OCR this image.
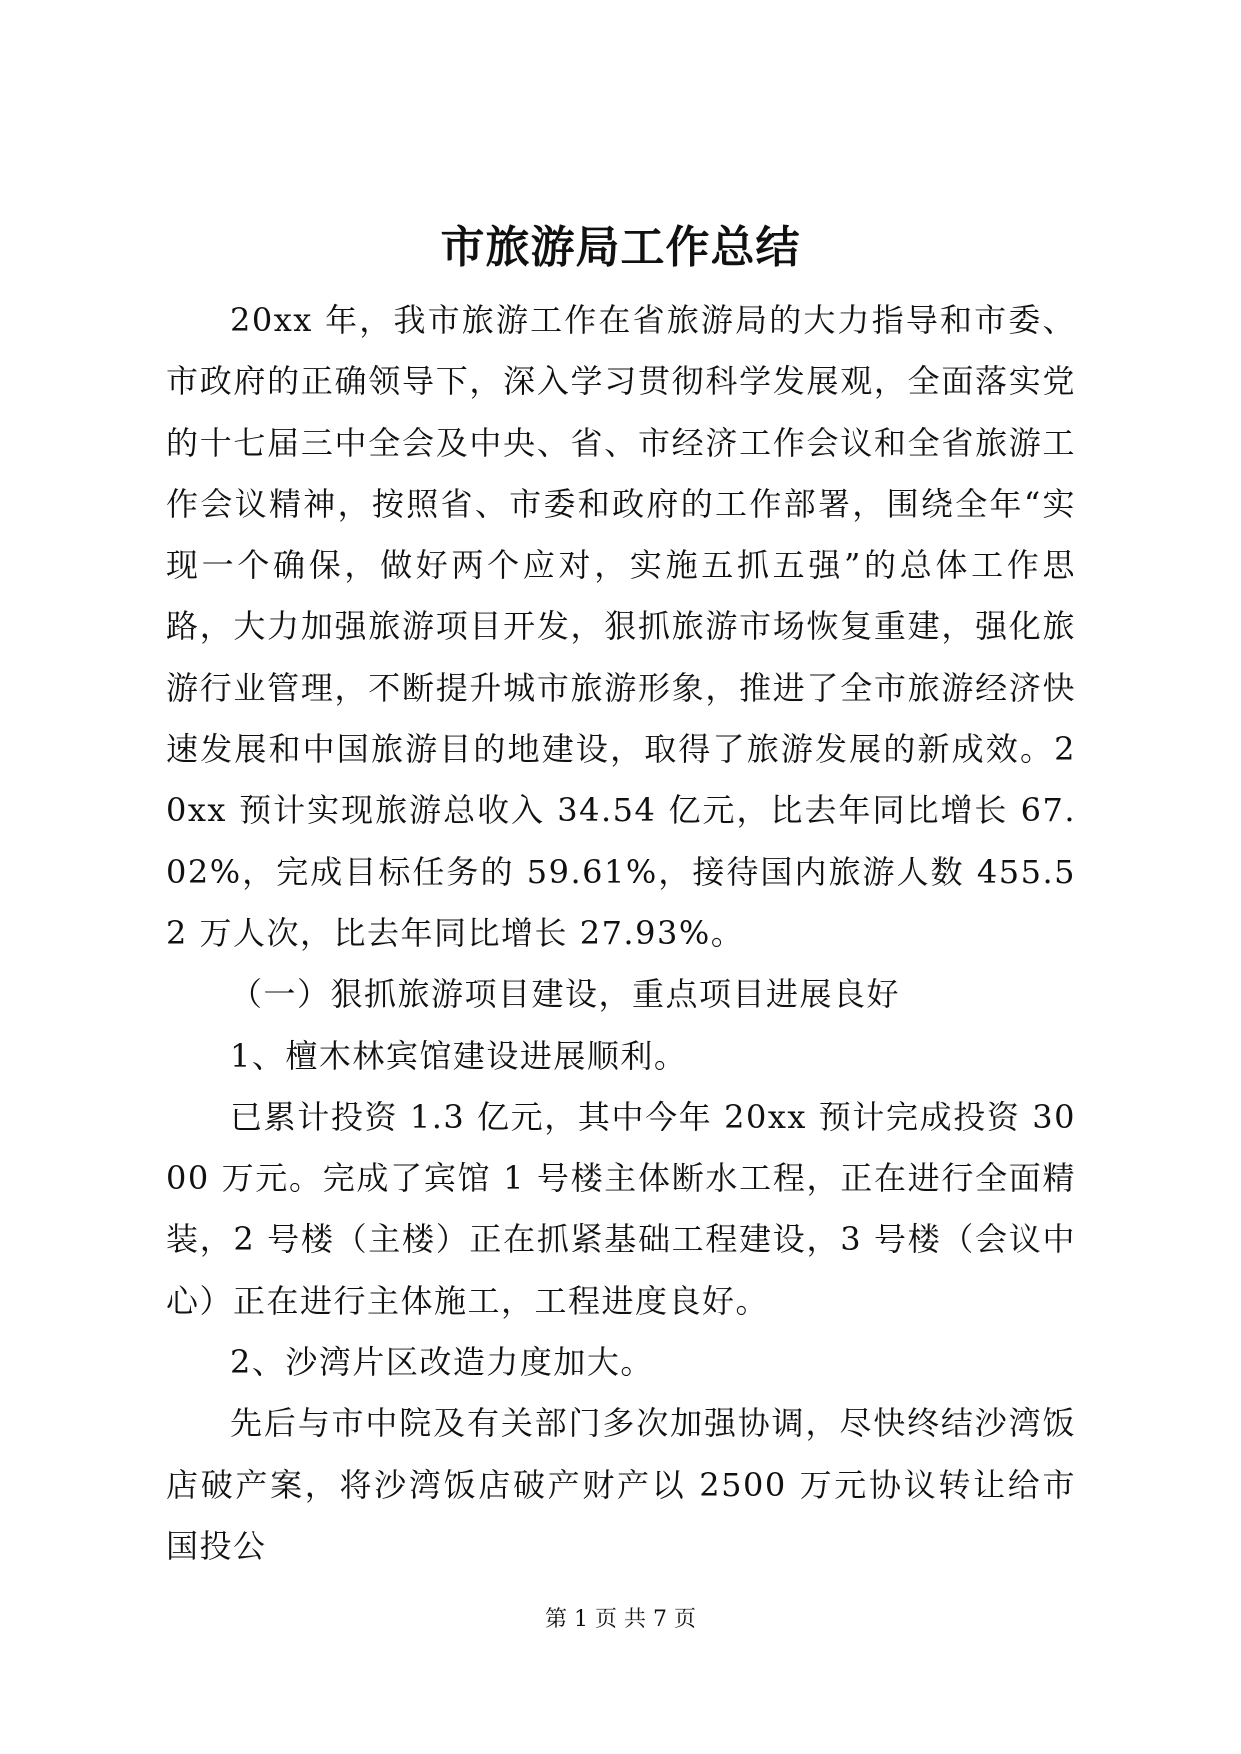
市旅游局工作总结

20xx 年，我市旅游工作在省旅游局的大力指导和市委、市政府的正确领导下，深入学习贯彻科学发展观，全面落实党的十七届三中全会及中央、省、市经济工作会议和全省旅游工作会议精神，按照省、市委和政府的工作部署，围绕全年“实现一个确保，做好两个应对，实施五抓五强”的总体工作思路，大力加强旅游项目开发，狠抓旅游市场恢复重建，强化旅游行业管理，不断提升城市旅游形象，推进了全市旅游经济快速发展和中国旅游目的地建设，取得了旅游发展的新成效。20xx 预计实现旅游总收入 34.54 亿元，比去年同比增长 67.02%，完成目标任务的 59.61%，接待国内旅游人数 455.52 万人次，比去年同比增长 27.93%。

（一）狠抓旅游项目建设，重点项目进展良好

1、檀木林宾馆建设进展顺利。

已累计投资 1.3 亿元，其中今年 20xx 预计完成投资 3000 万元。完成了宾馆 1 号楼主体断水工程，正在进行全面精装，2 号楼（主楼）正在抓紧基础工程建设，3 号楼（会议中心）正在进行主体施工，工程进度良好。

2、沙湾片区改造力度加大。

先后与市中院及有关部门多次加强协调，尽快终结沙湾饭店破产案，将沙湾饭店破产财产以 2500 万元协议转让给市国投公

第 1 页 共 7 页
